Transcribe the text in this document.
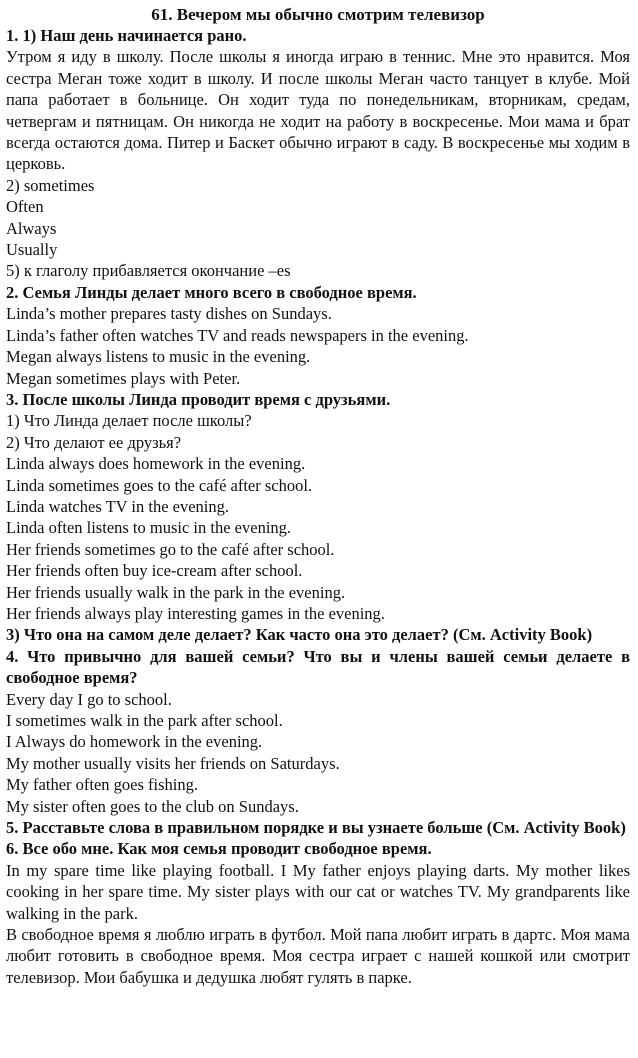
61. Вечером мы обычно смотрим телевизор
1. 1) Наш день начинается рано.

Утром я иду в школу. После школы я иногда играю в теннис. Мне это нравится. Моя сестра Меган тоже ходит в школу. И после школы Меган часто танцует в клубе. Мой папа работает в больнице. Он ходит туда по понедельникам, вторникам, средам, четвергам и пятницам. Он никогда не ходит на работу в воскресенье. Мои мама и брат всегда остаются дома. Питер и Баскет обычно играют в саду. В воскресенье мы ходим в церковь.

2) sometimes
Often
Always
Usually
5) к глаголу прибавляется окончание –es
2. Семья Линды делает много всего в свободное время.
Linda’s mother prepares tasty dishes on Sundays.
Linda’s father often watches TV and reads newspapers in the evening.
Megan always listens to music in the evening.
Megan sometimes plays with Peter.
3. После школы Линда проводит время с друзьями.
1) Что Линда делает после школы?
2) Что делают ее друзья?
Linda always does homework in the evening.
Linda sometimes goes to the café after school.
Linda watches TV in the evening.
Linda often listens to music in the evening.
Her friends sometimes go to the café after school.
Her friends often buy ice-cream after school.
Her friends usually walk in the park in the evening.
Her friends always play interesting games in the evening.
3) Что она на самом деле делает? Как часто она это делает? (См. Activity Book)
4. Что привычно для вашей семьи? Что вы и члены вашей семьи делаете в свободное время?
Every day I go to school.
I sometimes walk in the park after school.
I Always do homework in the evening.
My mother usually visits her friends on Saturdays.
My father often goes fishing.
My sister often goes to the club on Sundays.
5. Расставьте слова в правильном порядке и вы узнаете больше (См. Activity Book)
6. Все обо мне. Как моя семья проводит свободное время.

In my spare time like playing football. I My father enjoys playing darts. My mother likes cooking in her spare time. My sister plays with our cat or watches TV. My grandparents like walking in the park.

В свободное время я люблю играть в футбол. Мой папа любит играть в дартс. Моя мама любит готовить в свободное время. Моя сестра играет с нашей кошкой или смотрит телевизор. Мои бабушка и дедушка любят гулять в парке.
